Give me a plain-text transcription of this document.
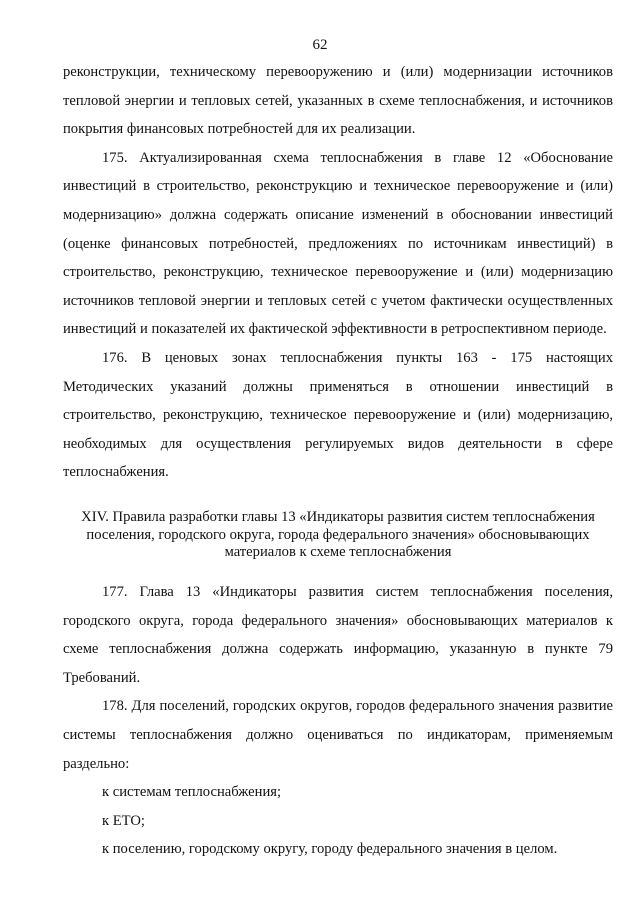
62

реконструкции, техническому перевооружению и (или) модернизации источников тепловой энергии и тепловых сетей, указанных в схеме теплоснабжения, и источников покрытия финансовых потребностей для их реализации.

175. Актуализированная схема теплоснабжения в главе 12 «Обоснование инвестиций в строительство, реконструкцию и техническое перевооружение и (или) модернизацию» должна содержать описание изменений в обосновании инвестиций (оценке финансовых потребностей, предложениях по источникам инвестиций) в строительство, реконструкцию, техническое перевооружение и (или) модернизацию источников тепловой энергии и тепловых сетей с учетом фактически осуществленных инвестиций и показателей их фактической эффективности в ретроспективном периоде.

176. В ценовых зонах теплоснабжения пункты 163 - 175 настоящих Методических указаний должны применяться в отношении инвестиций в строительство, реконструкцию, техническое перевооружение и (или) модернизацию, необходимых для осуществления регулируемых видов деятельности в сфере теплоснабжения.

XIV. Правила разработки главы 13 «Индикаторы развития систем теплоснабжения

поселения, городского округа, города федерального значения» обосновывающих

материалов к схеме теплоснабжения

177. Глава 13 «Индикаторы развития систем теплоснабжения поселения, городского округа, города федерального значения» обосновывающих материалов к схеме теплоснабжения должна содержать информацию, указанную в пункте 79 Требований.

178. Для поселений, городских округов, городов федерального значения развитие системы теплоснабжения должно оцениваться по индикаторам, применяемым раздельно:

к системам теплоснабжения;

к ЕТО;

к поселению, городскому округу, городу федерального значения в целом.
